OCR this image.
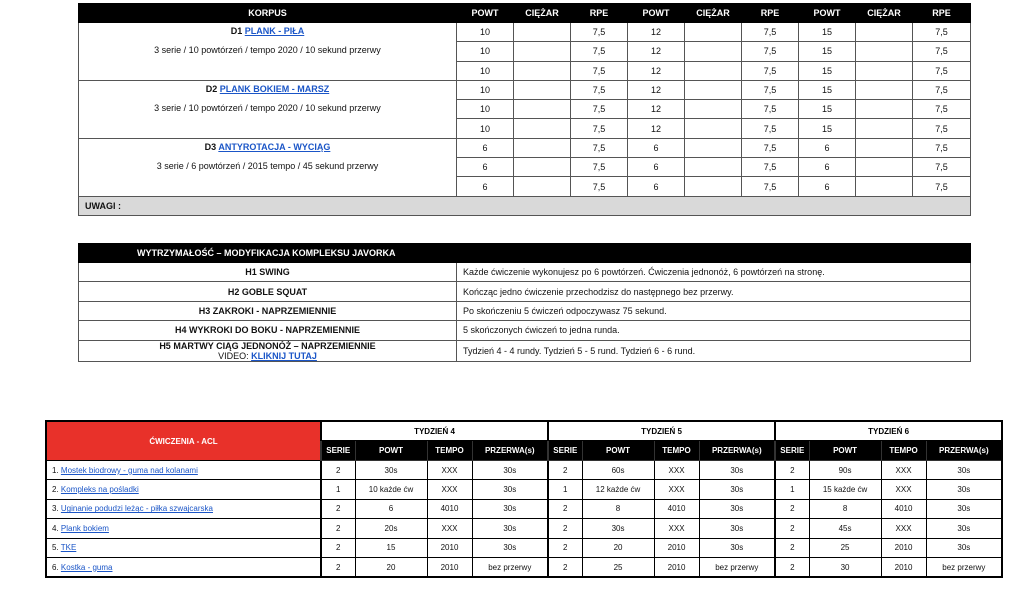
KORPUS	POWT	CIĘŻAR	RPE	POWT	CIĘŻAR	RPE	POWT	CIĘŻAR	RPE

D1 PLANK - PIŁA
3 serie / 10 powtórzeń / tempo 2020 / 10 sekund przerwy	10		7,5	12		7,5	15		7,5
	10		7,5	12		7,5	15		7,5
	10		7,5	12		7,5	15		7,5

D2 PLANK BOKIEM - MARSZ
3 serie / 10 powtórzeń / tempo 2020 / 10 sekund przerwy	10		7,5	12		7,5	15		7,5
	10		7,5	12		7,5	15		7,5
	10		7,5	12		7,5	15		7,5

D3 ANTYROTACJA - WYCIĄG
3 serie / 6 powtórzeń / 2015 tempo / 45 sekund przerwy	6		7,5	6		7,5	6		7,5
	6		7,5	6		7,5	6		7,5
	6		7,5	6		7,5	6		7,5
UWAGI :									
WYTRZYMAŁOŚĆ – MODYFIKACJA KOMPLEKSU JAVORKA	
H1 SWING	Każde ćwiczenie wykonujesz po 6 powtórzeń. Ćwiczenia jednonóż, 6 powtórzeń na stronę.
H2 GOBLE SQUAT	Kończąc jedno ćwiczenie przechodzisz do następnego bez przerwy.
H3 ZAKROKI - NAPRZEMIENNIE	Po skończeniu 5 ćwiczeń odpoczywasz 75 sekund.
H4 WYKROKI DO BOKU - NAPRZEMIENNIE	5 skończonych ćwiczeń to jedna runda.

H5 MARTWY CIĄG JEDNONÓŻ – NAPRZEMIENNIE
VIDEO: KLIKNIJ TUTAJ	Tydzień 4 - 4 rundy. Tydzień 5 - 5 rund. Tydzień 6 - 6 rund.
ĆWICZENIA - ACL	TYDZIEŃ 4				TYDZIEŃ 5				TYDZIEŃ 6			
	SERIE	POWT	TEMPO	PRZERWA(s)	SERIE	POWT	TEMPO	PRZERWA(s)	SERIE	POWT	TEMPO	PRZERWA(s)
1. Mostek biodrowy - guma nad kolanami	2	30s	XXX	30s	2	60s	XXX	30s	2	90s	XXX	30s
2. Kompleks na pośladki	1	10 każde ćw	XXX	30s	1	12 każde ćw	XXX	30s	1	15 każde ćw	XXX	30s
3. Uginanie podudzi leżąc - piłka szwajcarska	2	6	4010	30s	2	8	4010	30s	2	8	4010	30s
4. Plank bokiem	2	20s	XXX	30s	2	30s	XXX	30s	2	45s	XXX	30s
5. TKE	2	15	2010	30s	2	20	2010	30s	2	25	2010	30s
6. Kostka - guma	2	20	2010	bez przerwy	2	25	2010	bez przerwy	2	30	2010	bez przerwy
